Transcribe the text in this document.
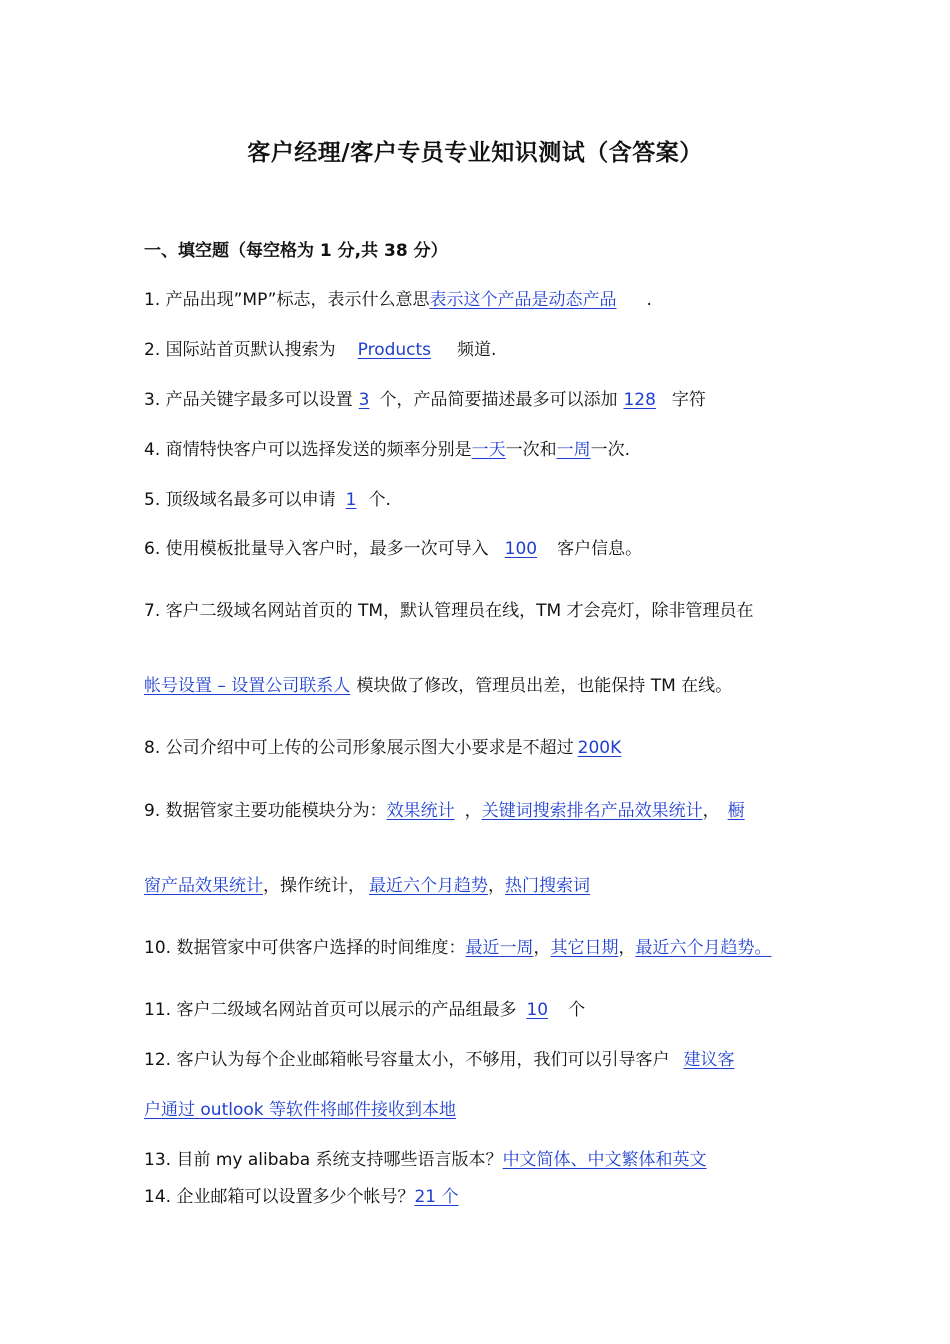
客户经理/客户专员专业知识测试（含答案）
一、填空题（每空格为 1 分,共 38 分）
1. 产品出现”MP”标志，表示什么意思表示这个产品是动态产品 .
2. 国际站首页默认搜索为 Products 频道.
3. 产品关键字最多可以设置 3 个，产品简要描述最多可以添加 128 字符
4. 商情特快客户可以选择发送的频率分别是一天一次和一周一次.
5. 顶级域名最多可以申请 1 个.
6. 使用模板批量导入客户时，最多一次可导入 100 客户信息。
7. 客户二级域名网站首页的 TM，默认管理员在线，TM 才会亮灯，除非管理员在
帐号设置 – 设置公司联系人 模块做了修改，管理员出差，也能保持 TM 在线。
8. 公司介绍中可上传的公司形象展示图大小要求是不超过 200K
9. 数据管家主要功能模块分为：效果统计 ，关键词搜索排名产品效果统计， 橱
窗产品效果统计，操作统计， 最近六个月趋势，热门搜索词
10. 数据管家中可供客户选择的时间维度：最近一周，其它日期，最近六个月趋势。
11. 客户二级域名网站首页可以展示的产品组最多 10 个
12. 客户认为每个企业邮箱帐号容量太小，不够用，我们可以引导客户 建议客
户通过 outlook 等软件将邮件接收到本地
13. 目前 my alibaba 系统支持哪些语言版本？中文简体、中文繁体和英文
14. 企业邮箱可以设置多少个帐号？21 个
